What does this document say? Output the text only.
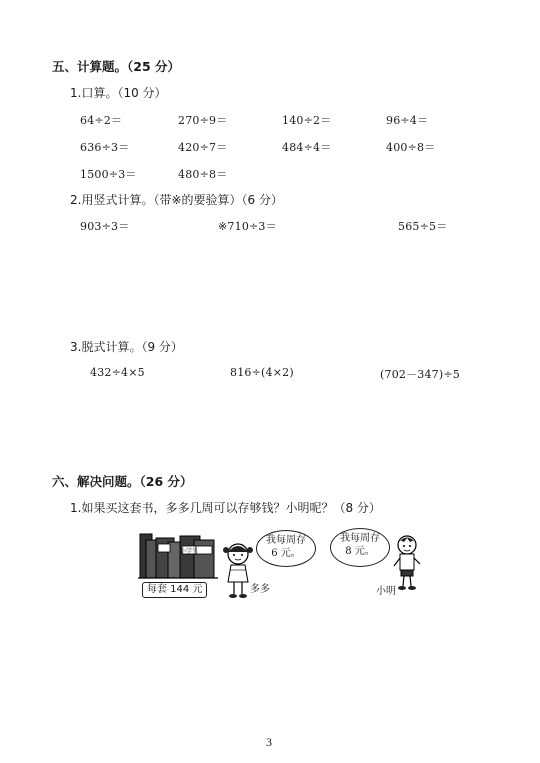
五、计算题。（25 分）
1.口算。（10 分）
64÷2＝	270÷9＝	140÷2＝	96÷4＝
636÷3＝	420÷7＝	484÷4＝	400÷8＝
1500÷3＝	480÷8＝
2.用竖式计算。（带※的要验算）（6 分）
903÷3＝	※710÷3＝	565÷5＝
3.脱式计算。（9 分）
432÷4×5	816÷(4×2)	(702－347)÷5
六、解决问题。（26 分）
1.如果买这套书，多多几周可以存够钱？小明呢？（8 分）
小学生
每套 144 元
我每周存
6 元。
多多
我每周存
8 元。
小明
3
